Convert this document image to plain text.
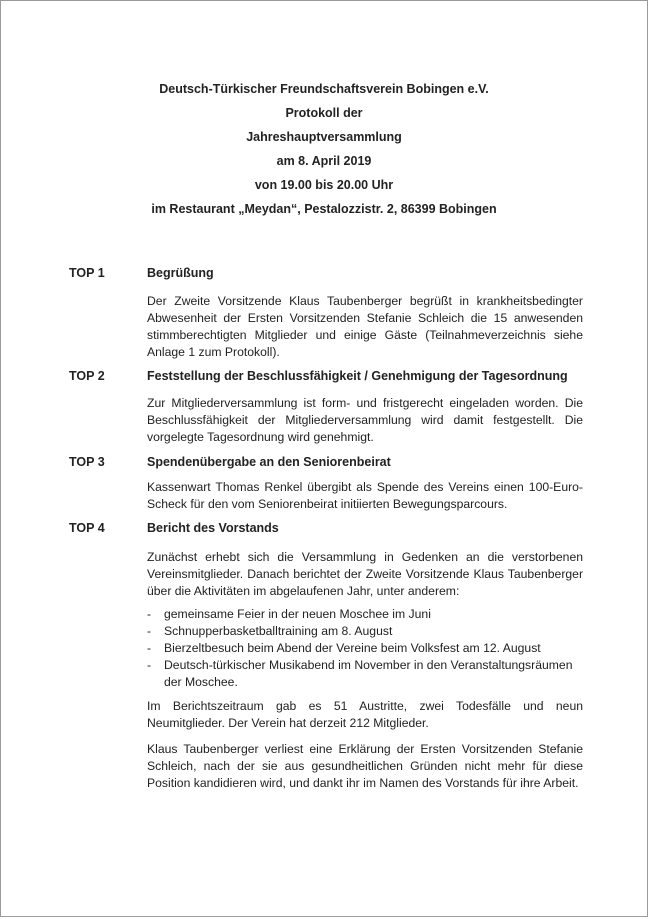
Deutsch-Türkischer Freundschaftsverein Bobingen e.V.
Protokoll der
Jahreshauptversammlung
am 8. April 2019
von 19.00 bis 20.00 Uhr
im Restaurant „Meydan“, Pestalozzistr. 2, 86399 Bobingen
TOP 1	Begrüßung
Der Zweite Vorsitzende Klaus Taubenberger begrüßt in krankheitsbedingter Abwesenheit der Ersten Vorsitzenden Stefanie Schleich die 15 anwesenden stimmberechtigten Mitglieder und einige Gäste (Teilnahmeverzeichnis siehe Anlage 1 zum Protokoll).
TOP 2	Feststellung der Beschlussfähigkeit / Genehmigung der Tagesordnung
Zur Mitgliederversammlung ist form- und fristgerecht eingeladen worden. Die Beschlussfähigkeit der Mitgliederversammlung wird damit festgestellt. Die vorgelegte Tagesordnung wird genehmigt.
TOP 3	Spendenübergabe an den Seniorenbeirat
Kassenwart Thomas Renkel übergibt als Spende des Vereins einen 100-Euro-Scheck für den vom Seniorenbeirat initiierten Bewegungsparcours.
TOP 4	Bericht des Vorstands
Zunächst erhebt sich die Versammlung in Gedenken an die verstorbenen Vereinsmitglieder. Danach berichtet der Zweite Vorsitzende Klaus Taubenberger über die Aktivitäten im abgelaufenen Jahr, unter anderem:
- gemeinsame Feier in der neuen Moschee im Juni
- Schnupperbasketballtraining am 8. August
- Bierzeltbesuch beim Abend der Vereine beim Volksfest am 12. August
- Deutsch-türkischer Musikabend im November in den Veranstaltungsräumen der Moschee.
Im Berichtszeitraum gab es 51 Austritte, zwei Todesfälle und neun Neumitglieder. Der Verein hat derzeit 212 Mitglieder.
Klaus Taubenberger verliest eine Erklärung der Ersten Vorsitzenden Stefanie Schleich, nach der sie aus gesundheitlichen Gründen nicht mehr für diese Position kandidieren wird, und dankt ihr im Namen des Vorstands für ihre Arbeit.
